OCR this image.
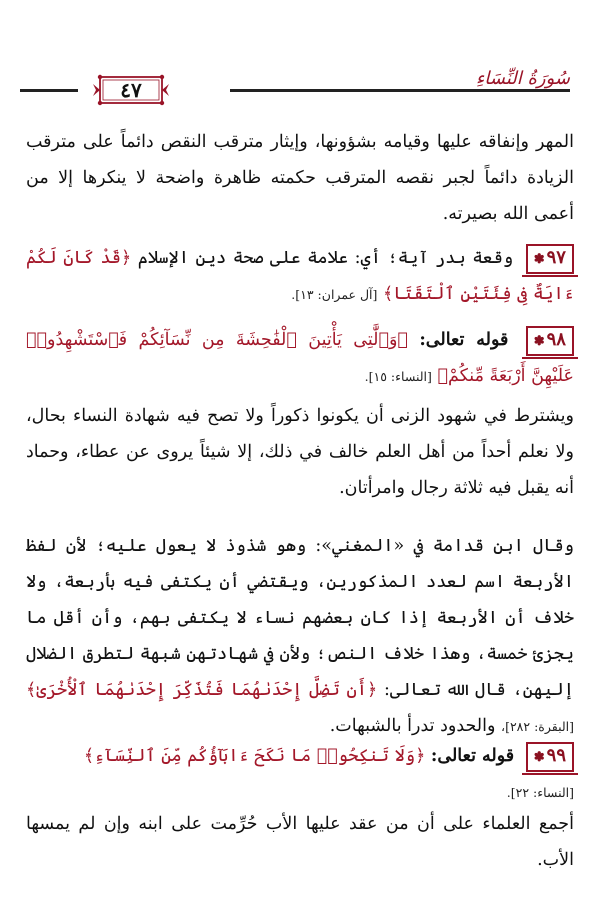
سُورَةُ النِّسَاءِ
٤٧
المهر وإنفاقه عليها وقيامه بشؤونها، وإيثار مترقب النقص دائماً على مترقب الزيادة دائماً لجبر نقصه المترقب حكمته ظاهرة واضحة لا ينكرها إلا من أعمى الله بصيرته.
٩٧✽ وقعة بدر آية؛ أي: علامة على صحة دين الإسلام ﴿قَدْ كَانَ لَكُمْ ءَايَةٌ فِى فِئَتَيْنِ ٱلْتَقَتَا﴾ [آل عمران: ١٣].
٩٨✽ قوله تعالى: ﴿وَٱلَّٰتِى يَأْتِينَ ٱلْفَٰحِشَةَ مِن نِّسَآئِكُمْ فَٱسْتَشْهِدُوا۟ عَلَيْهِنَّ أَرْبَعَةً مِّنكُمْ﴾ [النساء: ١٥].
ويشترط في شهود الزنى أن يكونوا ذكوراً ولا تصح فيه شهادة النساء بحال، ولا نعلم أحداً من أهل العلم خالف في ذلك، إلا شيئاً يروى عن عطاء، وحماد أنه يقبل فيه ثلاثة رجال وامرأتان.
وقال ابن قدامة في «المغني»: وهو شذوذ لا يعول عليه؛ لأن لفظ الأربعة اسم لعدد المذكورين، ويقتضي أن يكتفى فيه بأربعة، ولا خلاف أن الأربعة إذا كان بعضهم نساء لا يكتفى بهم، وأن أقل ما يجزئ خمسة، وهذا خلاف النص؛ ولأن في شهادتهن شبهة لتطرق الضلال إليهن، قال الله تعالى: ﴿أَن تَضِلَّ إِحْدَىٰهُمَا فَتُذَكِّرَ إِحْدَىٰهُمَا ٱلْأُخْرَىٰ﴾ [البقرة: ٢٨٢]، والحدود تدرأ بالشبهات.
٩٩✽ قوله تعالى: ﴿وَلَا تَنكِحُوا۟ مَا نَكَحَ ءَابَآؤُكُم مِّنَ ٱلنِّسَآءِ﴾
[النساء: ٢٢].
أجمع العلماء على أن من عقد عليها الأب حُرِّمت على ابنه وإن لم يمسها الأب.
